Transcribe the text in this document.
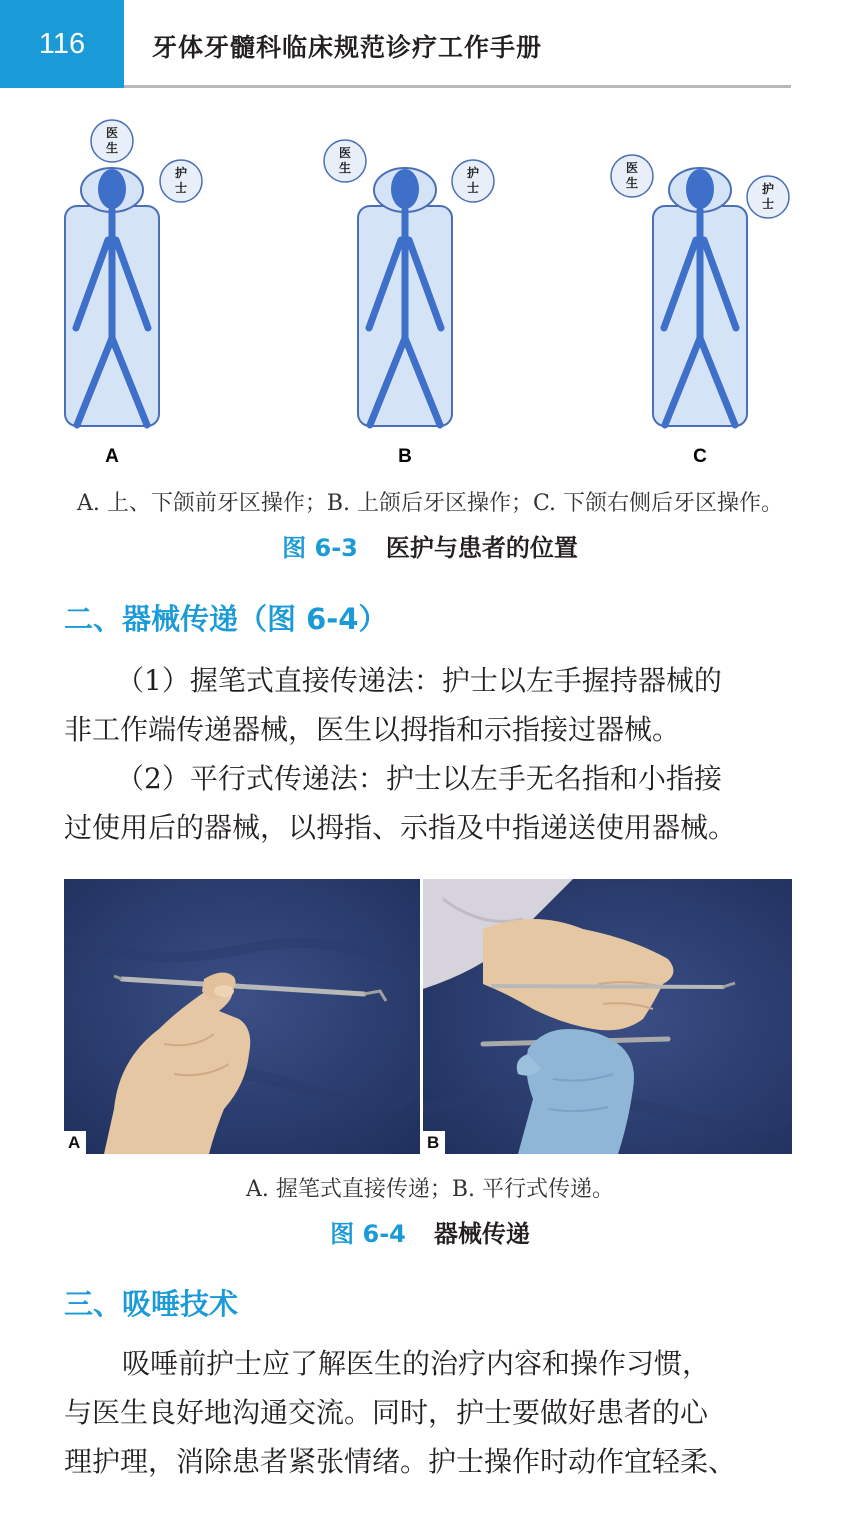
116	牙体牙髓科临床规范诊疗工作手册
医
生
护
士
医
生	护
士
医
生	护
士
A	B	C
A. 上、下颌前牙区操作；B. 上颌后牙区操作；C. 下颌右侧后牙区操作。
图 6-3 医护与患者的位置
二、器械传递（图 6-4）
（1）握笔式直接传递法：护士以左手握持器械的
非工作端传递器械，医生以拇指和示指接过器械。
（2）平行式传递法：护士以左手无名指和小指接
过使用后的器械，以拇指、示指及中指递送使用器械。
A	B
A. 握笔式直接传递；B. 平行式传递。
图 6-4 器械传递
三、吸唾技术
吸唾前护士应了解医生的治疗内容和操作习惯，
与医生良好地沟通交流。同时，护士要做好患者的心
理护理，消除患者紧张情绪。护士操作时动作宜轻柔、
